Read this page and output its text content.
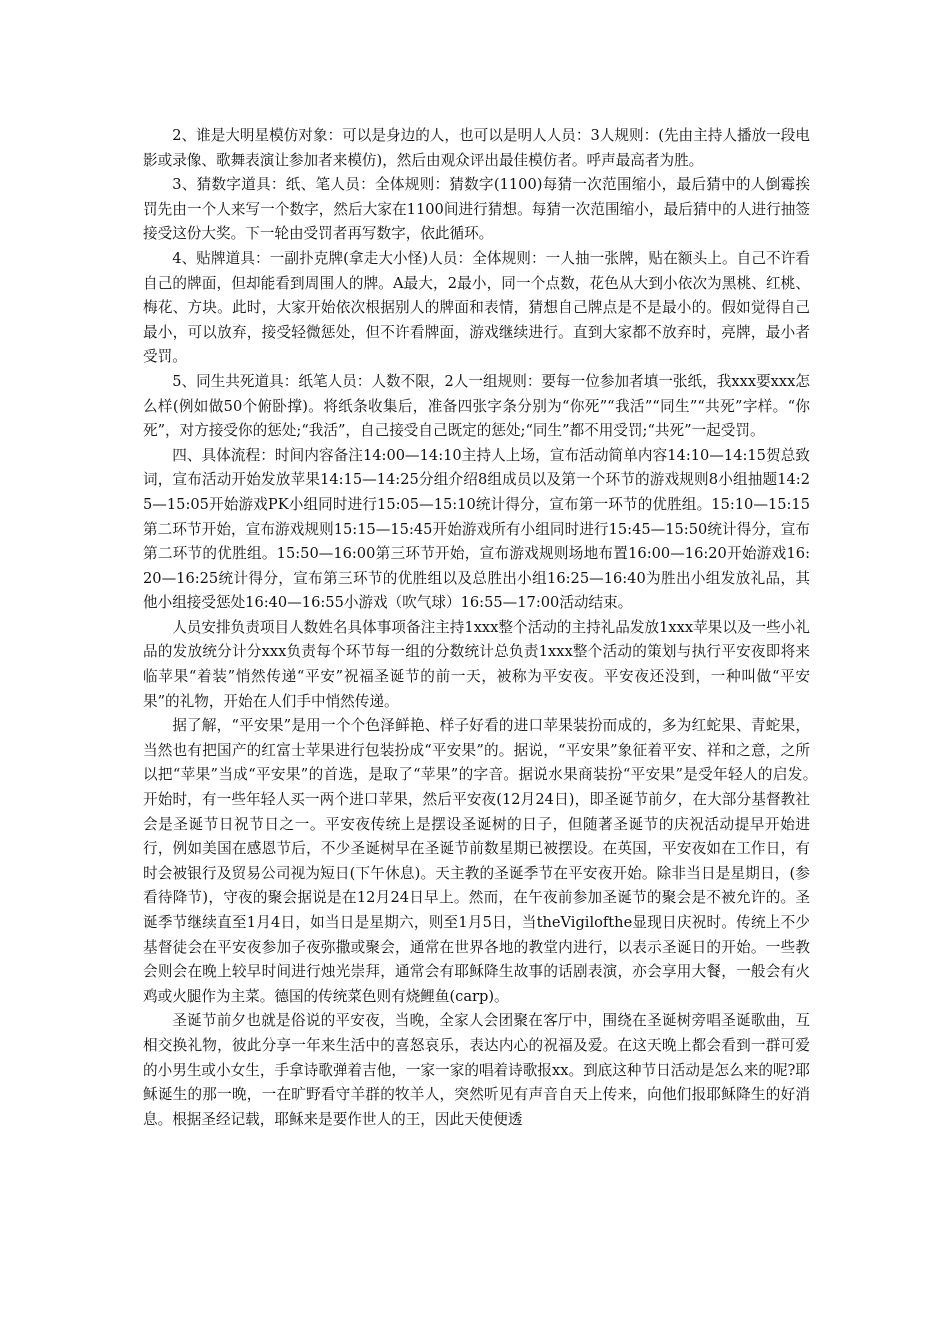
2、谁是大明星模仿对象：可以是身边的人，也可以是明人人员：3人规则：(先由主持人播放一段电影或录像、歌舞表演让参加者来模仿)，然后由观众评出最佳模仿者。呼声最高者为胜。

3、猜数字道具：纸、笔人员：全体规则：猜数字(1100)每猜一次范围缩小，最后猜中的人倒霉挨罚先由一个人来写一个数字，然后大家在1100间进行猜想。每猜一次范围缩小，最后猜中的人进行抽签接受这份大奖。下一轮由受罚者再写数字，依此循环。

4、贴牌道具：一副扑克牌(拿走大小怪)人员：全体规则：一人抽一张牌，贴在额头上。自己不许看自己的牌面，但却能看到周围人的牌。A最大，2最小，同一个点数，花色从大到小依次为黑桃、红桃、梅花、方块。此时，大家开始依次根据别人的牌面和表情，猜想自己牌点是不是最小的。假如觉得自己最小，可以放弃，接受轻微惩处，但不许看牌面，游戏继续进行。直到大家都不放弃时，亮牌，最小者受罚。

5、同生共死道具：纸笔人员：人数不限，2人一组规则：要每一位参加者填一张纸，我xxx要xxx怎么样(例如做50个俯卧撑)。将纸条收集后，准备四张字条分别为“你死”“我活”“同生”“共死”字样。“你死”，对方接受你的惩处;“我活”，自己接受自己既定的惩处;“同生”都不用受罚;“共死”一起受罚。

四、具体流程：时间内容备注14:00—14:10主持人上场，宣布活动简单内容14:10—14:15贺总致词，宣布活动开始发放苹果14:15—14:25分组介绍8组成员以及第一个环节的游戏规则8小组抽题14:25—15:05开始游戏PK小组同时进行15:05—15:10统计得分，宣布第一环节的优胜组。15:10—15:15第二环节开始，宣布游戏规则15:15—15:45开始游戏所有小组同时进行15:45—15:50统计得分，宣布第二环节的优胜组。15:50—16:00第三环节开始，宣布游戏规则场地布置16:00—16:20开始游戏16:20—16:25统计得分，宣布第三环节的优胜组以及总胜出小组16:25—16:40为胜出小组发放礼品，其他小组接受惩处16:40—16:55小游戏（吹气球）16:55—17:00活动结束。

人员安排负责项目人数姓名具体事项备注主持1xxx整个活动的主持礼品发放1xxx苹果以及一些小礼品的发放统分计分xxx负责每个环节每一组的分数统计总负责1xxx整个活动的策划与执行平安夜即将来临苹果“着装”悄然传递“平安”祝福圣诞节的前一天，被称为平安夜。平安夜还没到，一种叫做“平安果”的礼物，开始在人们手中悄然传递。

据了解，“平安果”是用一个个色泽鲜艳、样子好看的进口苹果装扮而成的，多为红蛇果、青蛇果，当然也有把国产的红富士苹果进行包装扮成“平安果”的。据说，“平安果”象征着平安、祥和之意，之所以把“苹果”当成“平安果”的首选，是取了“苹果”的字音。据说水果商装扮“平安果”是受年轻人的启发。　开始时，有一些年轻人买一两个进口苹果，然后平安夜(12月24日)，即圣诞节前夕，在大部分基督教社会是圣诞节日祝节日之一。平安夜传统上是摆设圣诞树的日子，但随著圣诞节的庆祝活动提早开始进行，例如美国在感恩节后，不少圣诞树早在圣诞节前数星期已被摆设。在英国，平安夜如在工作日，有时会被银行及贸易公司视为短日(下午休息)。天主教的圣诞季节在平安夜开始。除非当日是星期日，(参看待降节)，守夜的聚会据说是在12月24日早上。然而，在午夜前参加圣诞节的聚会是不被允许的。圣诞季节继续直至1月4日，如当日是星期六，则至1月5日，当theVigilofthe显现日庆祝时。传统上不少基督徒会在平安夜参加子夜弥撒或聚会，通常在世界各地的教堂内进行，以表示圣诞日的开始。一些教会则会在晚上较早时间进行烛光崇拜，通常会有耶稣降生故事的话剧表演，亦会享用大餐，一般会有火鸡或火腿作为主菜。德国的传统菜色则有烧鲤鱼(carp)。

圣诞节前夕也就是俗说的平安夜，当晚，全家人会团聚在客厅中，围绕在圣诞树旁唱圣诞歌曲，互相交换礼物，彼此分享一年来生活中的喜怒哀乐，表达内心的祝福及爱。在这天晚上都会看到一群可爱的小男生或小女生，手拿诗歌弹着吉他，一家一家的唱着诗歌报xx。到底这种节日活动是怎么来的呢?耶稣诞生的那一晚，一在旷野看守羊群的牧羊人，突然听见有声音自天上传来，向他们报耶稣降生的好消息。根据圣经记载，耶稣来是要作世人的王，因此天使便透
